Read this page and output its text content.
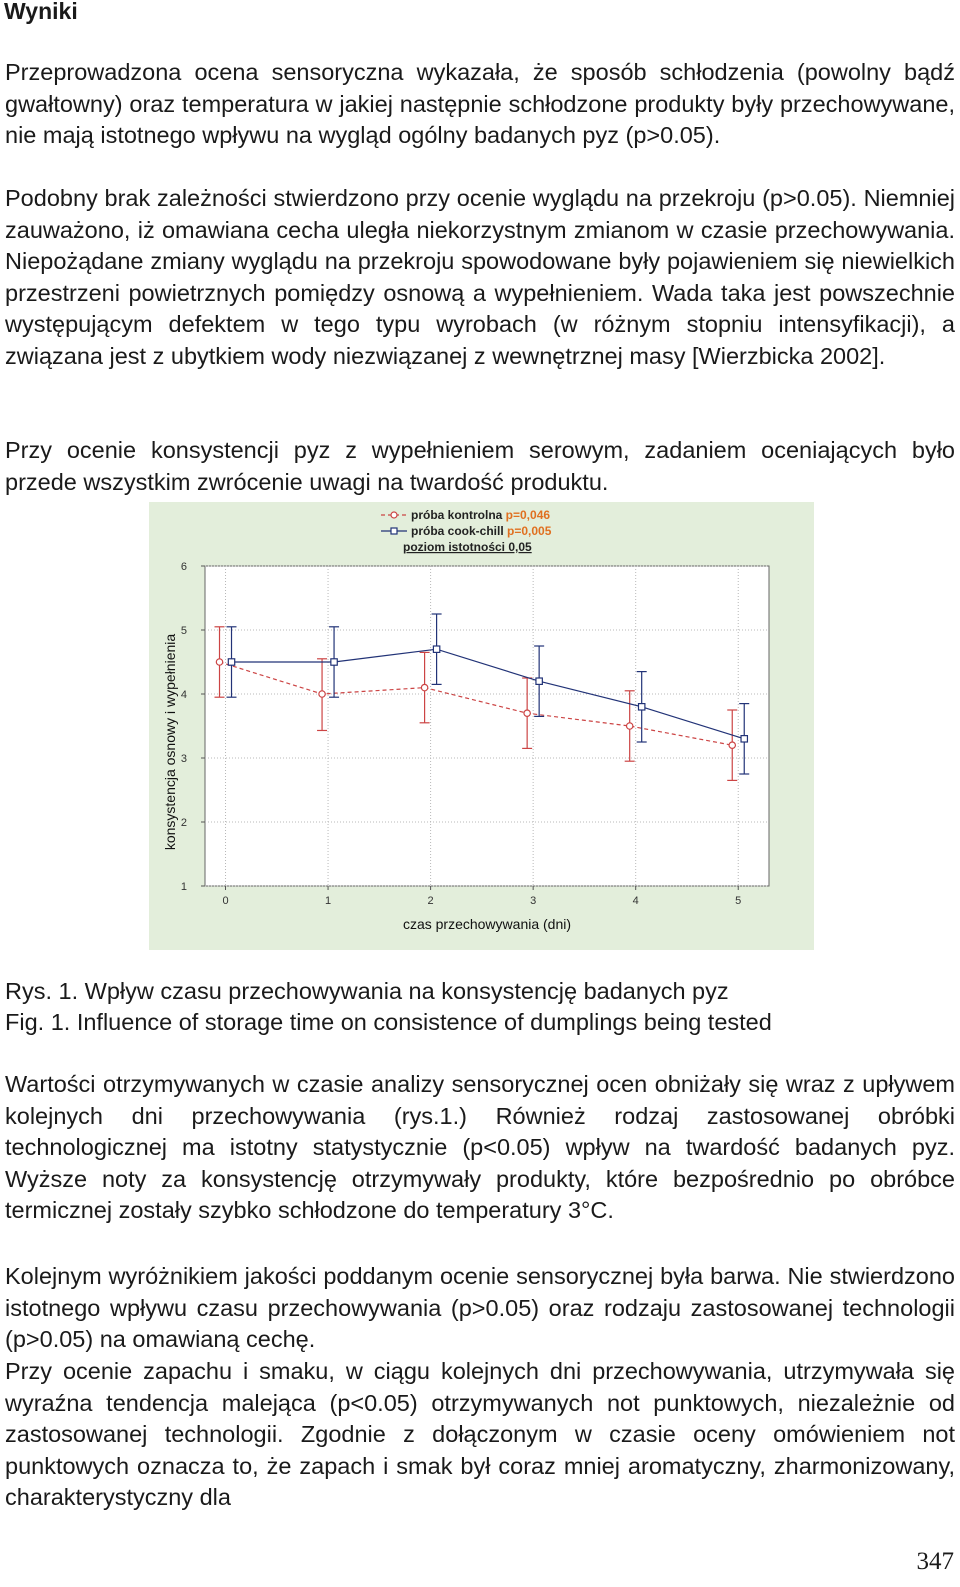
Wyniki

Przeprowadzona ocena sensoryczna wykazała, że sposób schłodzenia (powolny bądź gwałtowny) oraz temperatura w jakiej następnie schłodzone produkty były przechowywane, nie mają istotnego wpływu na wygląd ogólny badanych pyz (p>0.05).

Podobny brak zależności stwierdzono przy ocenie wyglądu na przekroju (p>0.05). Niemniej zauważono, iż omawiana cecha uległa niekorzystnym zmianom w czasie przechowywania. Niepożądane zmiany wyglądu na przekroju spowodowane były pojawieniem się niewielkich przestrzeni powietrznych pomiędzy osnową a wypełnieniem. Wada taka jest powszechnie występującym defektem w tego typu wyrobach (w różnym stopniu intensyfikacji), a związana jest z ubytkiem wody niezwiązanej z wewnętrznej masy [Wierzbicka 2002].

Przy ocenie konsystencji pyz z wypełnieniem serowym, zadaniem oceniających było przede wszystkim zwrócenie uwagi na twardość produktu.

1
2
3
4
5
6
0	1	2	3	4	5
czas przechowywania (dni)
konsystencja osnowy i wypełnienia
próba kontrolna p=0,046
próba cook-chill p=0,005
poziom istotności 0,05

Rys. 1. Wpływ czasu przechowywania na konsystencję badanych pyz

Fig. 1. Influence of storage time on consistence of dumplings being tested

Wartości otrzymywanych w czasie analizy sensorycznej ocen obniżały się wraz z upływem kolejnych dni przechowywania (rys.1.) Również rodzaj zastosowanej obróbki technologicznej ma istotny statystycznie (p<0.05) wpływ na twardość badanych pyz. Wyższe noty za konsystencję otrzymywały produkty, które bezpośrednio po obróbce termicznej zostały szybko schłodzone do temperatury 3°C.

Kolejnym wyróżnikiem jakości poddanym ocenie sensorycznej była barwa. Nie stwierdzono istotnego wpływu czasu przechowywania (p>0.05) oraz rodzaju zastosowanej technologii (p>0.05) na omawianą cechę.

Przy ocenie zapachu i smaku, w ciągu kolejnych dni przechowywania, utrzymywała się wyraźna tendencja malejąca (p<0.05) otrzymywanych not punktowych, niezależnie od zastosowanej technologii. Zgodnie z dołączonym w czasie oceny omówieniem not punktowych oznacza to, że zapach i smak był coraz mniej aromatyczny, zharmonizowany, charakterystyczny dla

347
